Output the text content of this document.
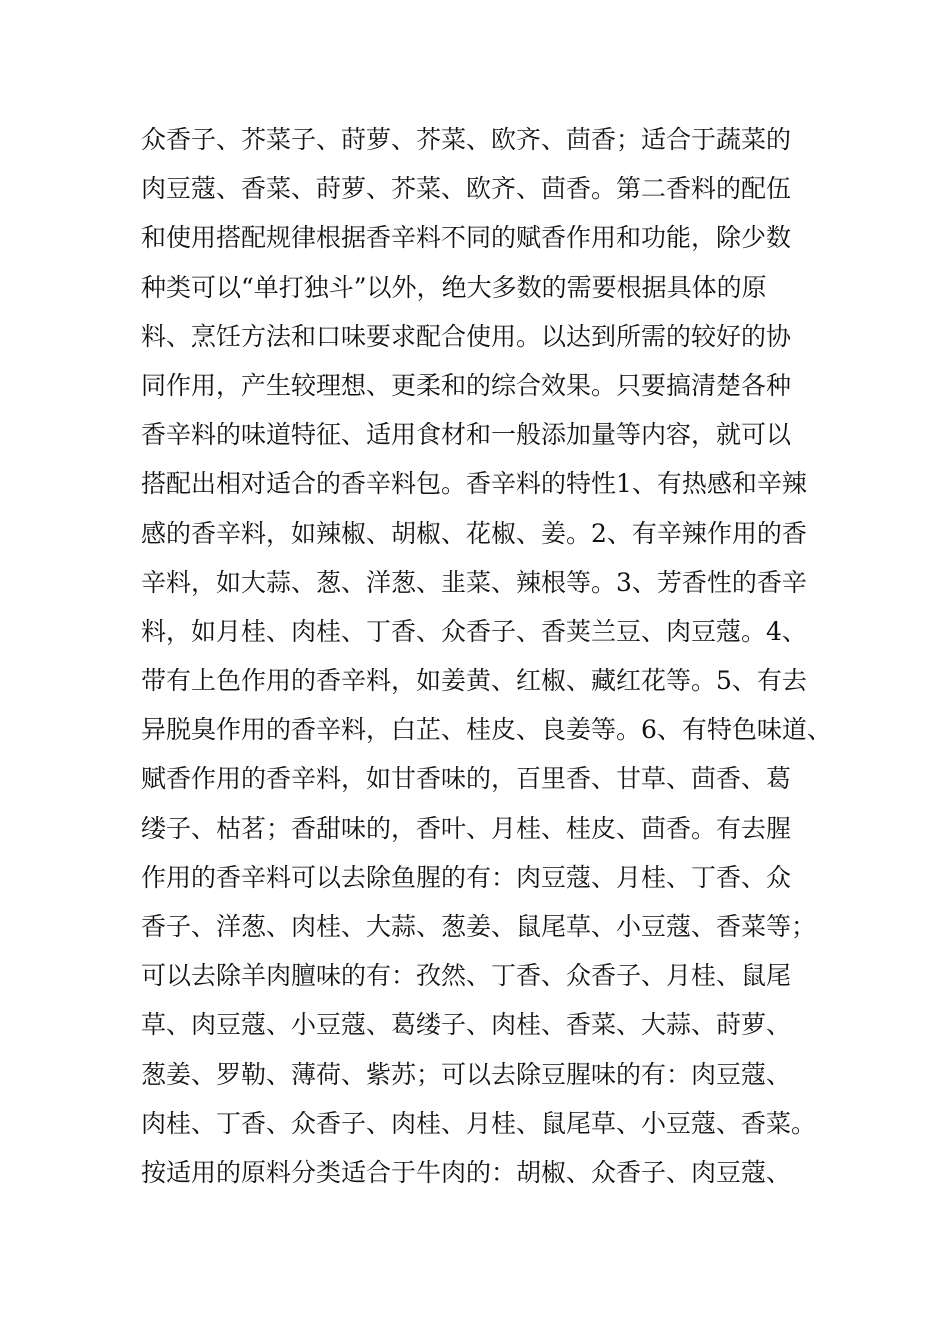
众香子、芥菜子、莳萝、芥菜、欧齐、茴香；适合于蔬菜的
肉豆蔻、香菜、莳萝、芥菜、欧齐、茴香。第二香料的配伍
和使用搭配规律根据香辛料不同的赋香作用和功能，除少数
种类可以“单打独斗”以外，绝大多数的需要根据具体的原
料、烹饪方法和口味要求配合使用。以达到所需的较好的协
同作用，产生较理想、更柔和的综合效果。只要搞清楚各种
香辛料的味道特征、适用食材和一般添加量等内容，就可以
搭配出相对适合的香辛料包。香辛料的特性1、有热感和辛辣
感的香辛料，如辣椒、胡椒、花椒、姜。2、有辛辣作用的香
辛料，如大蒜、葱、洋葱、韭菜、辣根等。3、芳香性的香辛
料，如月桂、肉桂、丁香、众香子、香荚兰豆、肉豆蔻。4、
带有上色作用的香辛料，如姜黄、红椒、藏红花等。5、有去
异脱臭作用的香辛料，白芷、桂皮、良姜等。6、有特色味道、
赋香作用的香辛料，如甘香味的，百里香、甘草、茴香、葛
缕子、枯茗；香甜味的，香叶、月桂、桂皮、茴香。有去腥
作用的香辛料可以去除鱼腥的有：肉豆蔻、月桂、丁香、众
香子、洋葱、肉桂、大蒜、葱姜、鼠尾草、小豆蔻、香菜等；
可以去除羊肉膻味的有：孜然、丁香、众香子、月桂、鼠尾
草、肉豆蔻、小豆蔻、葛缕子、肉桂、香菜、大蒜、莳萝、
葱姜、罗勒、薄荷、紫苏；可以去除豆腥味的有：肉豆蔻、
肉桂、丁香、众香子、肉桂、月桂、鼠尾草、小豆蔻、香菜。
按适用的原料分类适合于牛肉的：胡椒、众香子、肉豆蔻、
